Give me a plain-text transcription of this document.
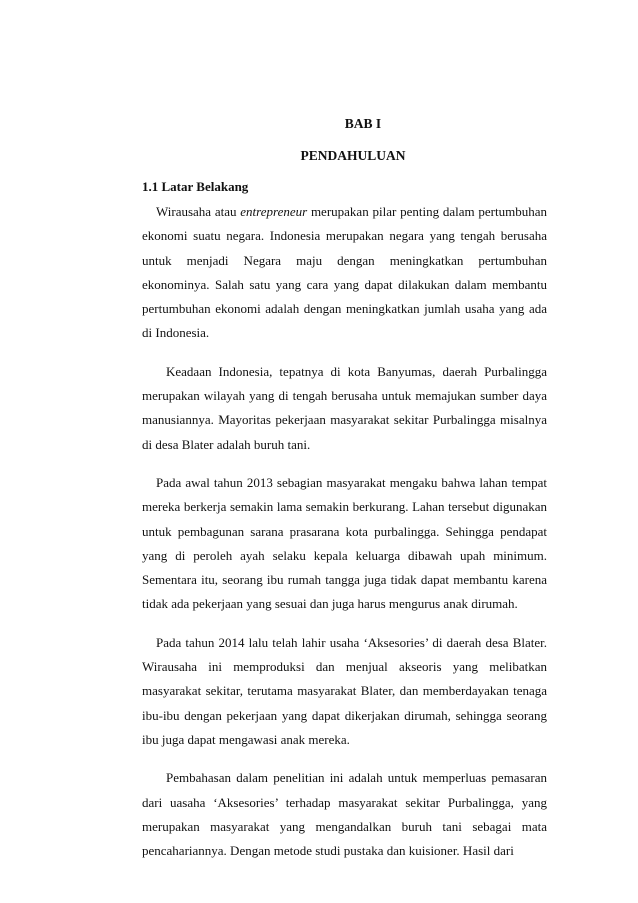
BAB I
PENDAHULUAN
1.1 Latar Belakang

Wirausaha atau entrepreneur merupakan pilar penting dalam pertumbuhan ekonomi suatu negara. Indonesia merupakan negara yang tengah berusaha untuk menjadi Negara maju dengan meningkatkan pertumbuhan ekonominya. Salah satu yang cara yang dapat dilakukan dalam membantu pertumbuhan ekonomi adalah dengan meningkatkan jumlah usaha yang ada di Indonesia.

Keadaan Indonesia, tepatnya di kota Banyumas, daerah Purbalingga merupakan wilayah yang di tengah berusaha untuk memajukan sumber daya manusiannya. Mayoritas pekerjaan masyarakat sekitar Purbalingga misalnya di desa Blater adalah buruh tani.

Pada awal tahun 2013 sebagian masyarakat mengaku bahwa lahan tempat mereka berkerja semakin lama semakin berkurang. Lahan tersebut digunakan untuk pembagunan sarana prasarana kota purbalingga. Sehingga pendapat yang di peroleh ayah selaku kepala keluarga dibawah upah minimum. Sementara itu, seorang ibu rumah tangga juga tidak dapat membantu karena tidak ada pekerjaan yang sesuai dan juga harus mengurus anak dirumah.

Pada tahun 2014 lalu telah lahir usaha ‘Aksesories’ di daerah desa Blater. Wirausaha ini memproduksi dan menjual akseoris yang melibatkan masyarakat sekitar, terutama masyarakat Blater, dan memberdayakan tenaga ibu-ibu dengan pekerjaan yang dapat dikerjakan dirumah, sehingga seorang ibu juga dapat mengawasi anak mereka.

Pembahasan dalam penelitian ini adalah untuk memperluas pemasaran dari uasaha ‘Aksesories’ terhadap masyarakat sekitar Purbalingga, yang merupakan masyarakat yang mengandalkan buruh tani sebagai mata pencahariannya. Dengan metode studi pustaka dan kuisioner. Hasil dari
